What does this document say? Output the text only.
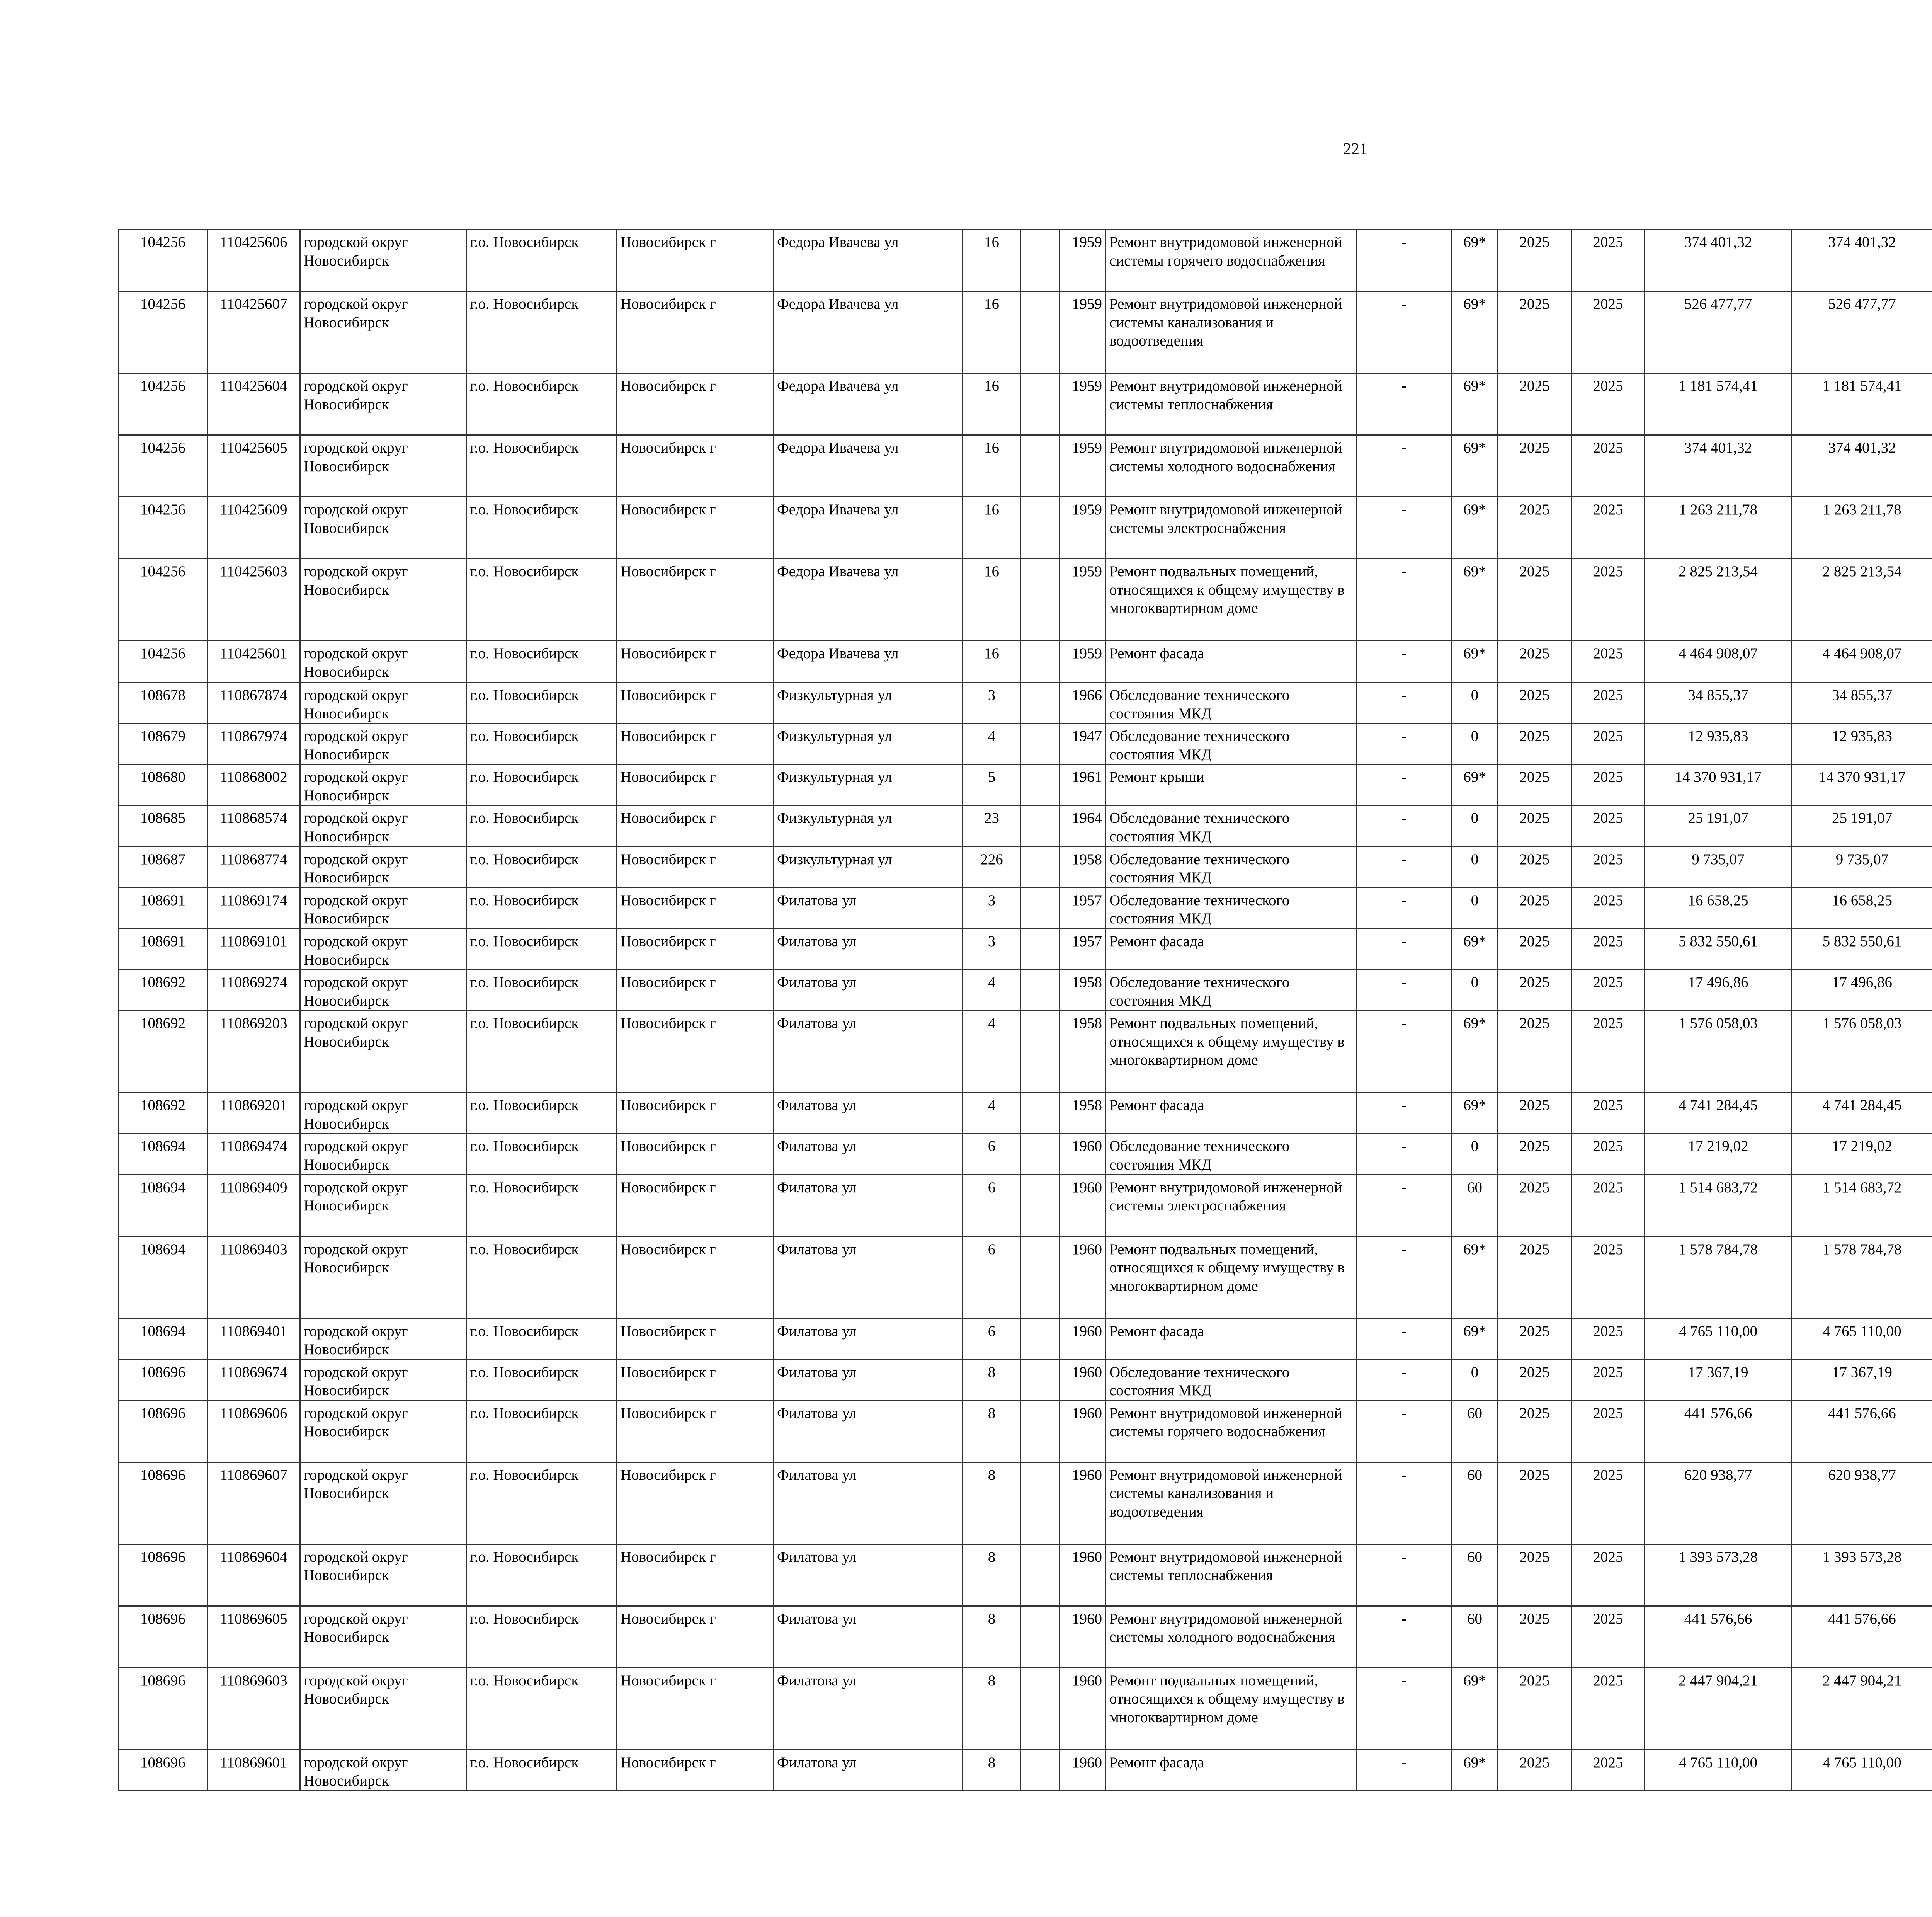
221
104256	110425606	городской округ Новосибирск	г.о. Новосибирск	Новосибирск г	Федора Ивачева ул	16		1959	Ремонт внутридомовой инженерной системы горячего водоснабжения	-	69*	2025	2025	374 401,32	374 401,32						
104256	110425607	городской округ Новосибирск	г.о. Новосибирск	Новосибирск г	Федора Ивачева ул	16		1959	Ремонт внутридомовой инженерной системы канализования и водоотведения	-	69*	2025	2025	526 477,77	526 477,77						
104256	110425604	городской округ Новосибирск	г.о. Новосибирск	Новосибирск г	Федора Ивачева ул	16		1959	Ремонт внутридомовой инженерной системы теплоснабжения	-	69*	2025	2025	1 181 574,41	1 181 574,41						
104256	110425605	городской округ Новосибирск	г.о. Новосибирск	Новосибирск г	Федора Ивачева ул	16		1959	Ремонт внутридомовой инженерной системы холодного водоснабжения	-	69*	2025	2025	374 401,32	374 401,32						
104256	110425609	городской округ Новосибирск	г.о. Новосибирск	Новосибирск г	Федора Ивачева ул	16		1959	Ремонт внутридомовой инженерной системы электроснабжения	-	69*	2025	2025	1 263 211,78	1 263 211,78						
104256	110425603	городской округ Новосибирск	г.о. Новосибирск	Новосибирск г	Федора Ивачева ул	16		1959	Ремонт подвальных помещений, относящихся к общему имуществу в многоквартирном доме	-	69*	2025	2025	2 825 213,54	2 825 213,54						
104256	110425601	городской округ Новосибирск	г.о. Новосибирск	Новосибирск г	Федора Ивачева ул	16		1959	Ремонт фасада	-	69*	2025	2025	4 464 908,07	4 464 908,07						
108678	110867874	городской округ Новосибирск	г.о. Новосибирск	Новосибирск г	Физкультурная ул	3		1966	Обследование технического состояния МКД	-	0	2025	2025	34 855,37	34 855,37						
108679	110867974	городской округ Новосибирск	г.о. Новосибирск	Новосибирск г	Физкультурная ул	4		1947	Обследование технического состояния МКД	-	0	2025	2025	12 935,83	12 935,83						
108680	110868002	городской округ Новосибирск	г.о. Новосибирск	Новосибирск г	Физкультурная ул	5		1961	Ремонт крыши	-	69*	2025	2025	14 370 931,17	14 370 931,17						
108685	110868574	городской округ Новосибирск	г.о. Новосибирск	Новосибирск г	Физкультурная ул	23		1964	Обследование технического состояния МКД	-	0	2025	2025	25 191,07	25 191,07						
108687	110868774	городской округ Новосибирск	г.о. Новосибирск	Новосибирск г	Физкультурная ул	226		1958	Обследование технического состояния МКД	-	0	2025	2025	9 735,07	9 735,07						
108691	110869174	городской округ Новосибирск	г.о. Новосибирск	Новосибирск г	Филатова ул	3		1957	Обследование технического состояния МКД	-	0	2025	2025	16 658,25	16 658,25						
108691	110869101	городской округ Новосибирск	г.о. Новосибирск	Новосибирск г	Филатова ул	3		1957	Ремонт фасада	-	69*	2025	2025	5 832 550,61	5 832 550,61						
108692	110869274	городской округ Новосибирск	г.о. Новосибирск	Новосибирск г	Филатова ул	4		1958	Обследование технического состояния МКД	-	0	2025	2025	17 496,86	17 496,86						
108692	110869203	городской округ Новосибирск	г.о. Новосибирск	Новосибирск г	Филатова ул	4		1958	Ремонт подвальных помещений, относящихся к общему имуществу в многоквартирном доме	-	69*	2025	2025	1 576 058,03	1 576 058,03						
108692	110869201	городской округ Новосибирск	г.о. Новосибирск	Новосибирск г	Филатова ул	4		1958	Ремонт фасада	-	69*	2025	2025	4 741 284,45	4 741 284,45						
108694	110869474	городской округ Новосибирск	г.о. Новосибирск	Новосибирск г	Филатова ул	6		1960	Обследование технического состояния МКД	-	0	2025	2025	17 219,02	17 219,02						
108694	110869409	городской округ Новосибирск	г.о. Новосибирск	Новосибирск г	Филатова ул	6		1960	Ремонт внутридомовой инженерной системы электроснабжения	-	60	2025	2025	1 514 683,72	1 514 683,72						
108694	110869403	городской округ Новосибирск	г.о. Новосибирск	Новосибирск г	Филатова ул	6		1960	Ремонт подвальных помещений, относящихся к общему имуществу в многоквартирном доме	-	69*	2025	2025	1 578 784,78	1 578 784,78						
108694	110869401	городской округ Новосибирск	г.о. Новосибирск	Новосибирск г	Филатова ул	6		1960	Ремонт фасада	-	69*	2025	2025	4 765 110,00	4 765 110,00						
108696	110869674	городской округ Новосибирск	г.о. Новосибирск	Новосибирск г	Филатова ул	8		1960	Обследование технического состояния МКД	-	0	2025	2025	17 367,19	17 367,19						
108696	110869606	городской округ Новосибирск	г.о. Новосибирск	Новосибирск г	Филатова ул	8		1960	Ремонт внутридомовой инженерной системы горячего водоснабжения	-	60	2025	2025	441 576,66	441 576,66						
108696	110869607	городской округ Новосибирск	г.о. Новосибирск	Новосибирск г	Филатова ул	8		1960	Ремонт внутридомовой инженерной системы канализования и водоотведения	-	60	2025	2025	620 938,77	620 938,77						
108696	110869604	городской округ Новосибирск	г.о. Новосибирск	Новосибирск г	Филатова ул	8		1960	Ремонт внутридомовой инженерной системы теплоснабжения	-	60	2025	2025	1 393 573,28	1 393 573,28						
108696	110869605	городской округ Новосибирск	г.о. Новосибирск	Новосибирск г	Филатова ул	8		1960	Ремонт внутридомовой инженерной системы холодного водоснабжения	-	60	2025	2025	441 576,66	441 576,66						
108696	110869603	городской округ Новосибирск	г.о. Новосибирск	Новосибирск г	Филатова ул	8		1960	Ремонт подвальных помещений, относящихся к общему имуществу в многоквартирном доме	-	69*	2025	2025	2 447 904,21	2 447 904,21						
108696	110869601	городской округ Новосибирск	г.о. Новосибирск	Новосибирск г	Филатова ул	8		1960	Ремонт фасада	-	69*	2025	2025	4 765 110,00	4 765 110,00						
